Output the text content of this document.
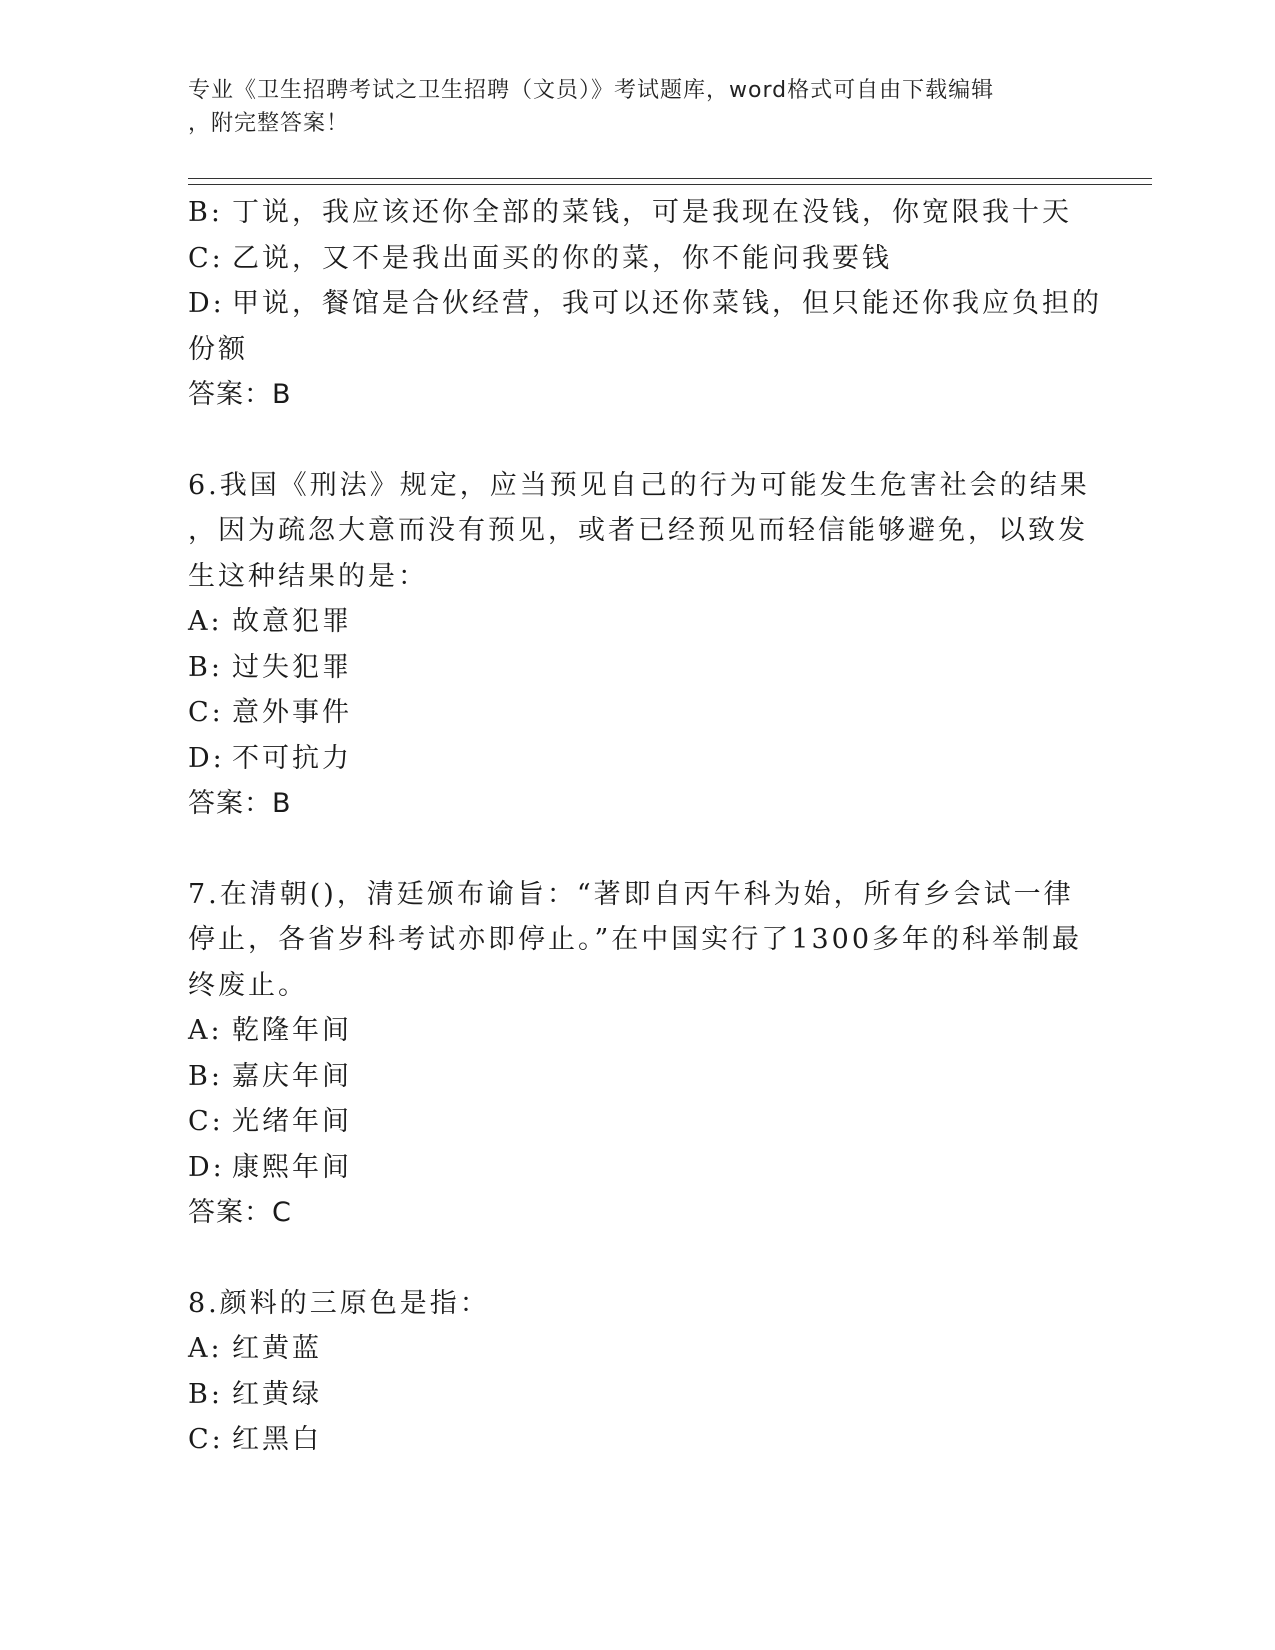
专业《卫生招聘考试之卫生招聘（文员）》考试题库，word格式可自由下载编辑
，附完整答案！
B: 丁说，我应该还你全部的菜钱，可是我现在没钱，你宽限我十天
C: 乙说，又不是我出面买的你的菜，你不能问我要钱
D: 甲说，餐馆是合伙经营，我可以还你菜钱，但只能还你我应负担的
份额
答案：B
6.我国《刑法》规定，应当预见自己的行为可能发生危害社会的结果
，因为疏忽大意而没有预见，或者已经预见而轻信能够避免，以致发
生这种结果的是：
A: 故意犯罪
B: 过失犯罪
C: 意外事件
D: 不可抗力
答案：B
7.在清朝()，清廷颁布谕旨：“著即自丙午科为始，所有乡会试一律
停止，各省岁科考试亦即停止。”在中国实行了1300多年的科举制最
终废止。
A: 乾隆年间
B: 嘉庆年间
C: 光绪年间
D: 康熙年间
答案：C
8.颜料的三原色是指：
A: 红黄蓝
B: 红黄绿
C: 红黑白
